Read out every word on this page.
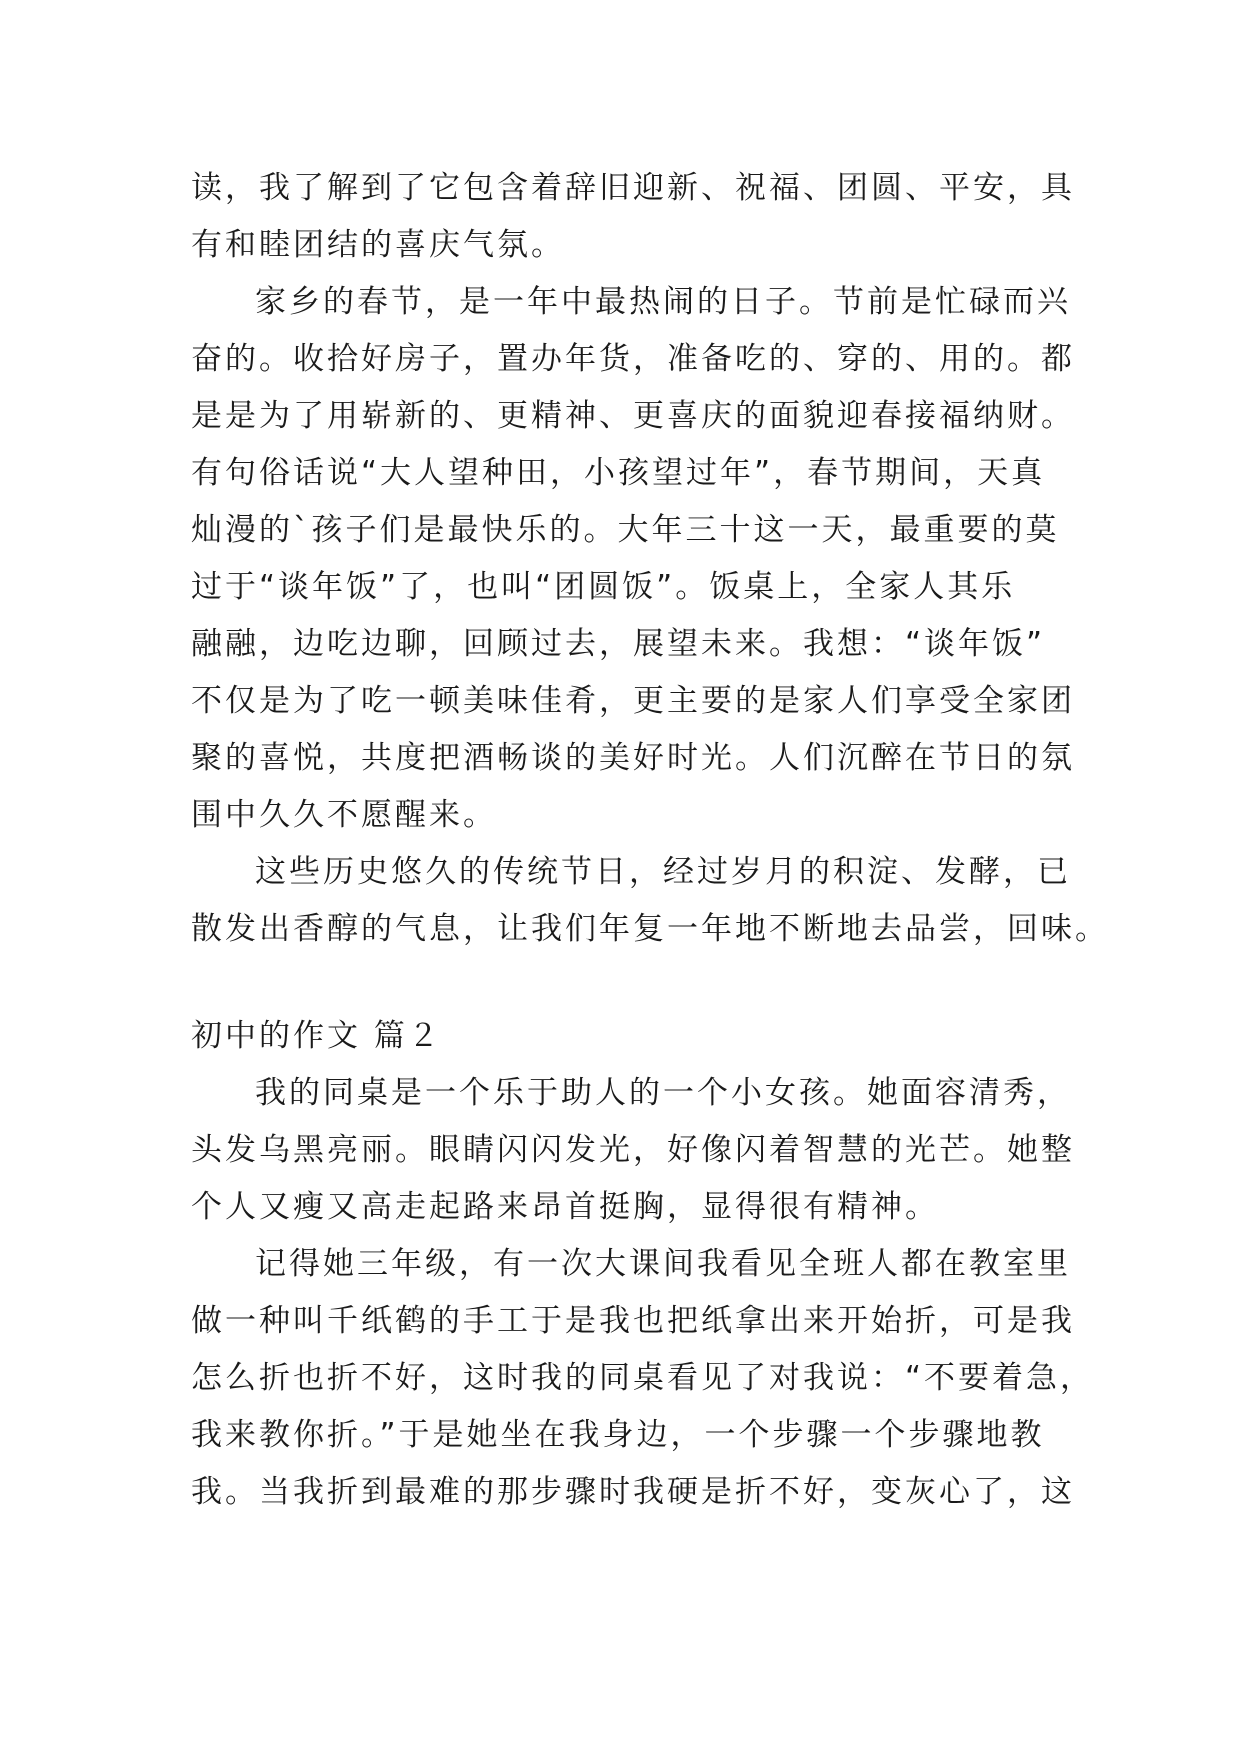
读，我了解到了它包含着辞旧迎新、祝福、团圆、平安，具
有和睦团结的喜庆气氛。
家乡的春节，是一年中最热闹的日子。节前是忙碌而兴
奋的。收拾好房子，置办年货，准备吃的、穿的、用的。都
是是为了用崭新的、更精神、更喜庆的面貌迎春接福纳财。
有句俗话说“大人望种田，小孩望过年”，春节期间，天真
灿漫的`孩子们是最快乐的。大年三十这一天，最重要的莫
过于“谈年饭”了，也叫“团圆饭”。饭桌上，全家人其乐
融融，边吃边聊，回顾过去，展望未来。我想：“谈年饭”
不仅是为了吃一顿美味佳肴，更主要的是家人们享受全家团
聚的喜悦，共度把酒畅谈的美好时光。人们沉醉在节日的氛
围中久久不愿醒来。
这些历史悠久的传统节日，经过岁月的积淀、发酵，已
散发出香醇的气息，让我们年复一年地不断地去品尝，回味。
初中的作文 篇２
我的同桌是一个乐于助人的一个小女孩。她面容清秀，
头发乌黑亮丽。眼睛闪闪发光，好像闪着智慧的光芒。她整
个人又瘦又高走起路来昂首挺胸，显得很有精神。
记得她三年级，有一次大课间我看见全班人都在教室里
做一种叫千纸鹤的手工于是我也把纸拿出来开始折，可是我
怎么折也折不好，这时我的同桌看见了对我说：“不要着急，
我来教你折。”于是她坐在我身边，一个步骤一个步骤地教
我。当我折到最难的那步骤时我硬是折不好，变灰心了，这
